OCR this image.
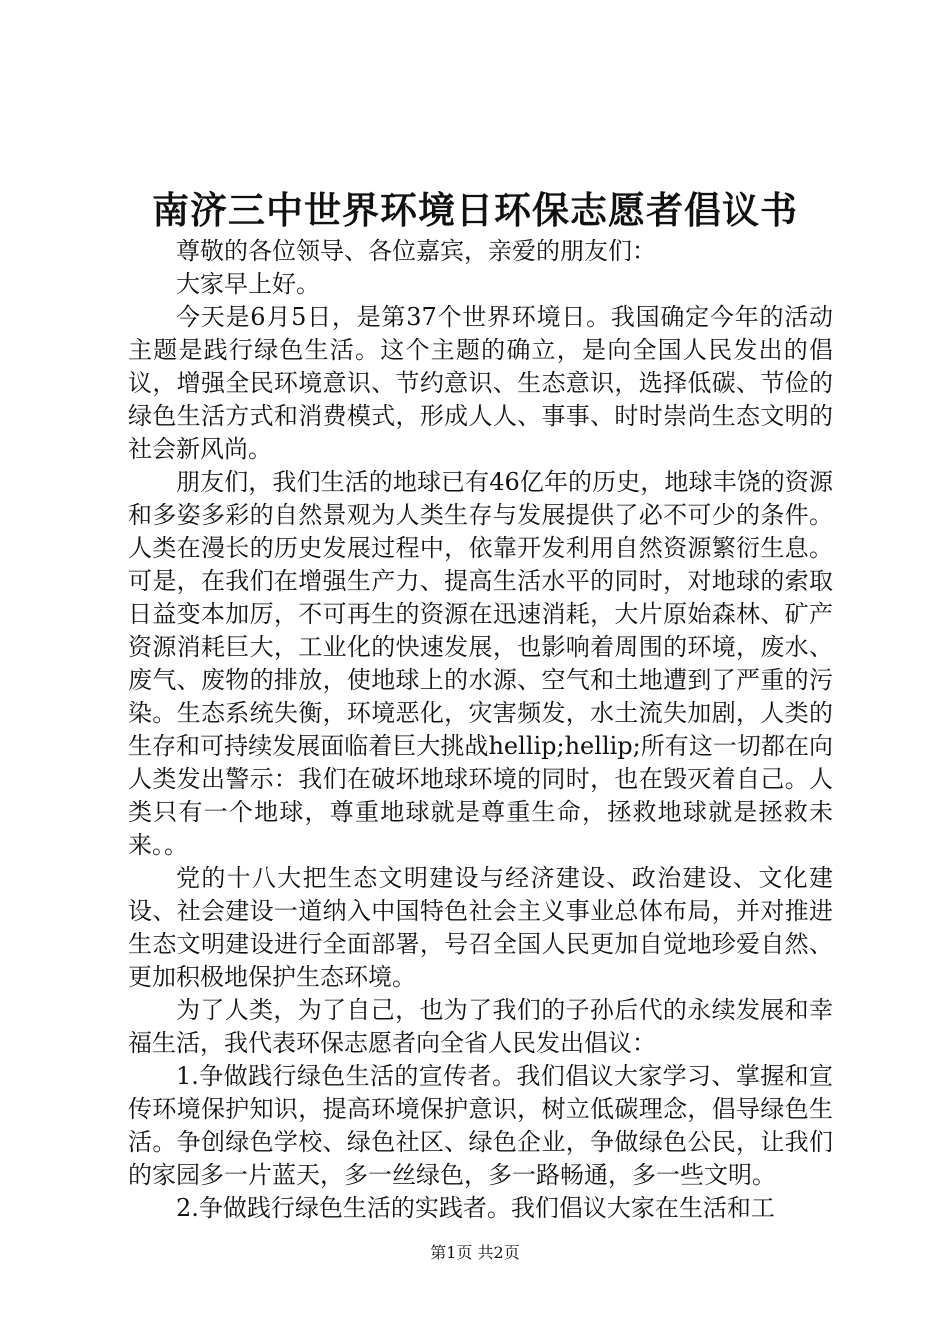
南济三中世界环境日环保志愿者倡议书

尊敬的各位领导、各位嘉宾，亲爱的朋友们：

大家早上好。

今天是6月5日，是第37个世界环境日。我国确定今年的活动主题是践行绿色生活。这个主题的确立，是向全国人民发出的倡议，增强全民环境意识、节约意识、生态意识，选择低碳、节俭的绿色生活方式和消费模式，形成人人、事事、时时崇尚生态文明的社会新风尚。

朋友们，我们生活的地球已有46亿年的历史，地球丰饶的资源和多姿多彩的自然景观为人类生存与发展提供了必不可少的条件。人类在漫长的历史发展过程中，依靠开发利用自然资源繁衍生息。可是，在我们在增强生产力、提高生活水平的同时，对地球的索取日益变本加厉，不可再生的资源在迅速消耗，大片原始森林、矿产资源消耗巨大，工业化的快速发展，也影响着周围的环境，废水、废气、废物的排放，使地球上的水源、空气和土地遭到了严重的污染。生态系统失衡，环境恶化，灾害频发，水土流失加剧，人类的生存和可持续发展面临着巨大挑战hellip;hellip;所有这一切都在向人类发出警示：我们在破坏地球环境的同时，也在毁灭着自己。人类只有一个地球，尊重地球就是尊重生命，拯救地球就是拯救未来。。

党的十八大把生态文明建设与经济建设、政治建设、文化建设、社会建设一道纳入中国特色社会主义事业总体布局，并对推进生态文明建设进行全面部署，号召全国人民更加自觉地珍爱自然、更加积极地保护生态环境。

为了人类，为了自己，也为了我们的子孙后代的永续发展和幸福生活，我代表环保志愿者向全省人民发出倡议：

1.争做践行绿色生活的宣传者。我们倡议大家学习、掌握和宣传环境保护知识，提高环境保护意识，树立低碳理念，倡导绿色生活。争创绿色学校、绿色社区、绿色企业，争做绿色公民，让我们的家园多一片蓝天，多一丝绿色，多一路畅通，多一些文明。

2.争做践行绿色生活的实践者。我们倡议大家在生活和工

第1页 共2页
